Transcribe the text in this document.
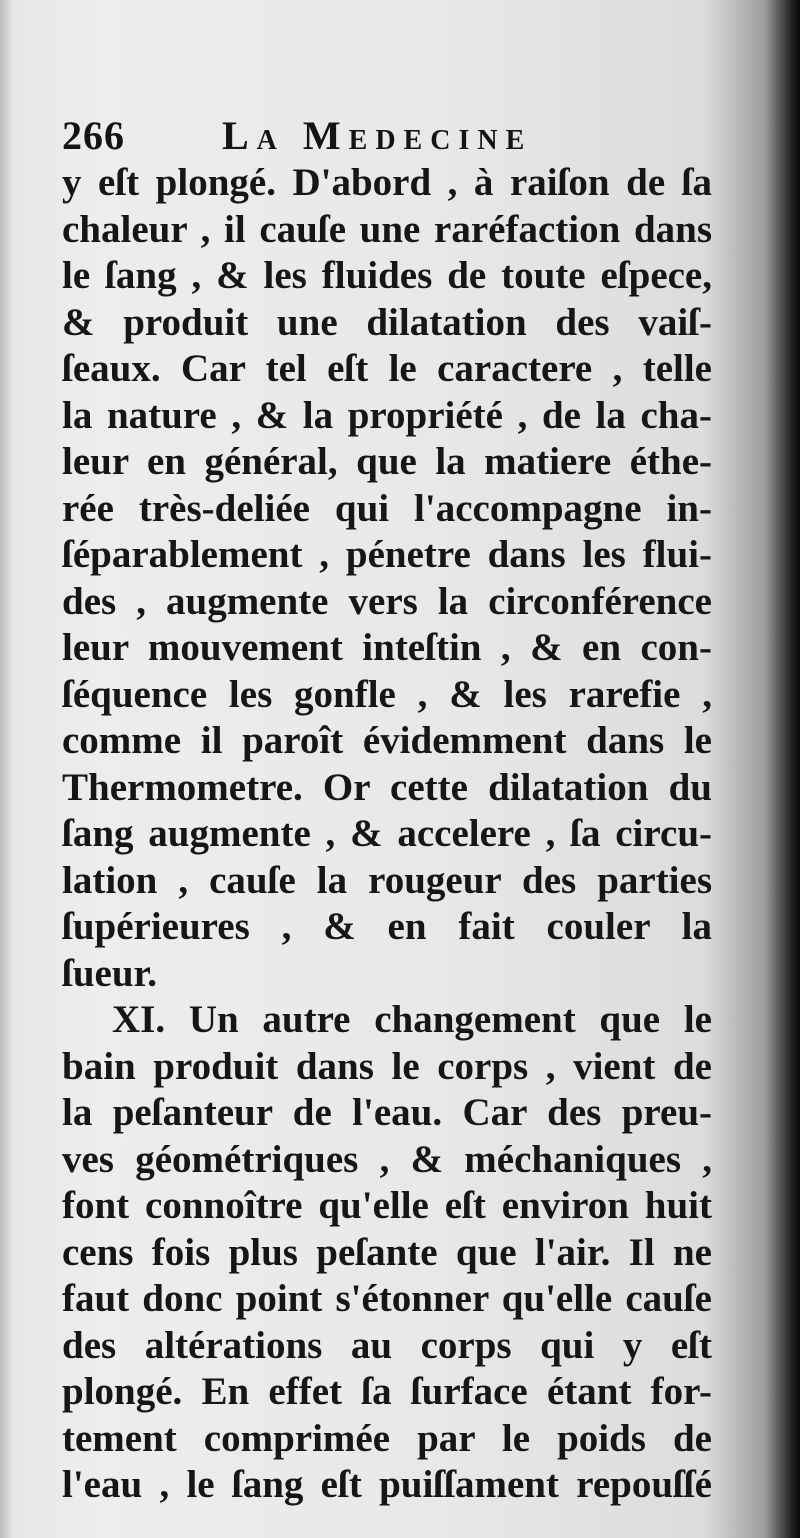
266 La Medecine
y eſt plongé. D'abord , à raiſon de ſa
chaleur , il cauſe une raréfaction dans
le ſang , & les fluides de toute eſpece,
& produit une dilatation des vaiſ-
ſeaux. Car tel eſt le caractere , telle
la nature , & la propriété , de la cha-
leur en général, que la matiere éthe-
rée très-deliée qui l'accompagne in-
ſéparablement , pénetre dans les flui-
des , augmente vers la circonférence
leur mouvement inteſtin , & en con-
ſéquence les gonfle , & les rarefie ,
comme il paroît évidemment dans le
Thermometre. Or cette dilatation du
ſang augmente , & accelere , ſa circu-
lation , cauſe la rougeur des parties
ſupérieures , & en fait couler la
ſueur.
XI. Un autre changement que le
bain produit dans le corps , vient de
la peſanteur de l'eau. Car des preu-
ves géométriques , & méchaniques ,
font connoître qu'elle eſt environ huit
cens fois plus peſante que l'air. Il ne
faut donc point s'étonner qu'elle cauſe
des altérations au corps qui y eſt
plongé. En effet ſa ſurface étant for-
tement comprimée par le poids de
l'eau , le ſang eſt puiſſament repouſſé
